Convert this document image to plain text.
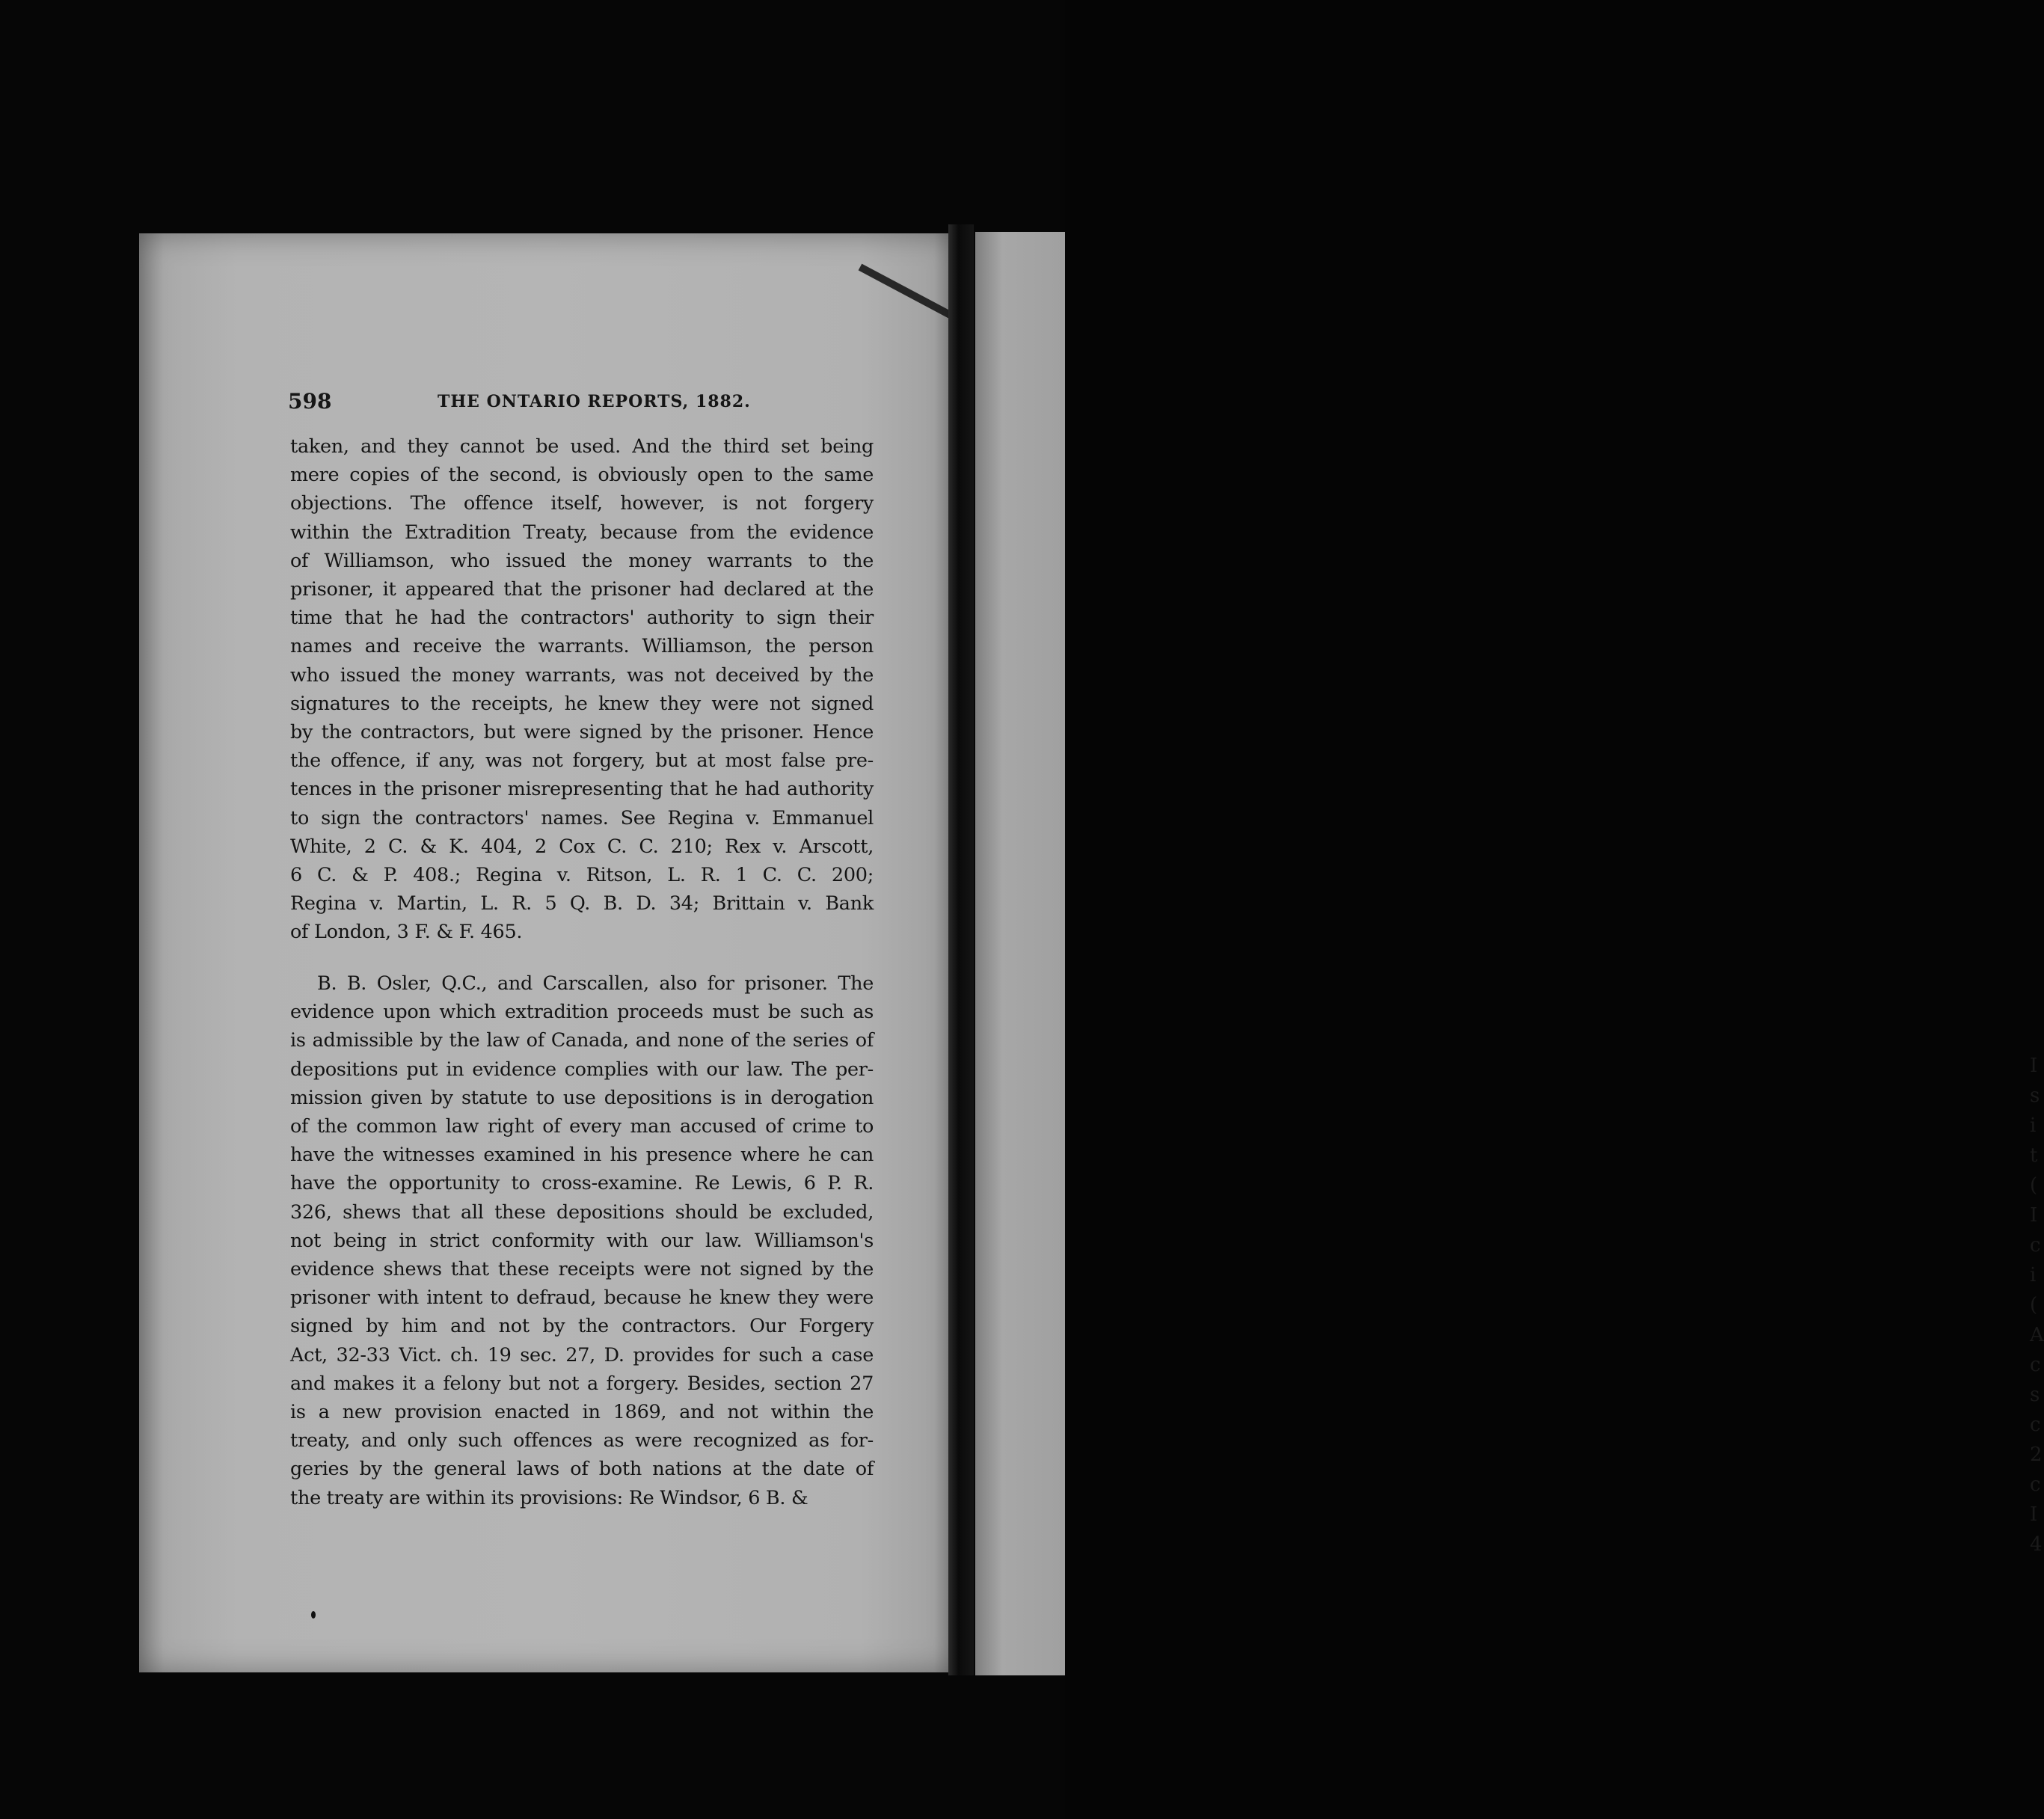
I
s
i
t
(
I
c
i
(
A
c
s
c
2
c
I
4
598	THE ONTARIO REPORTS, 1882.

taken, and they cannot be used. And the third set being
mere copies of the second, is obviously open to the same
objections. The offence itself, however, is not forgery
within the Extradition Treaty, because from the evidence
of Williamson, who issued the money warrants to the
prisoner, it appeared that the prisoner had declared at the
time that he had the contractors' authority to sign their
names and receive the warrants. Williamson, the person
who issued the money warrants, was not deceived by the
signatures to the receipts, he knew they were not signed
by the contractors, but were signed by the prisoner. Hence
the offence, if any, was not forgery, but at most false pre-
tences in the prisoner misrepresenting that he had authority
to sign the contractors' names. See Regina v. Emmanuel
White, 2 C. & K. 404, 2 Cox C. C. 210; Rex v. Arscott,
6 C. & P. 408.; Regina v. Ritson, L. R. 1 C. C. 200;
Regina v. Martin, L. R. 5 Q. B. D. 34; Brittain v. Bank
of London, 3 F. & F. 465.

B. B. Osler, Q.C., and Carscallen, also for prisoner. The
evidence upon which extradition proceeds must be such as
is admissible by the law of Canada, and none of the series of
depositions put in evidence complies with our law. The per-
mission given by statute to use depositions is in derogation
of the common law right of every man accused of crime to
have the witnesses examined in his presence where he can
have the opportunity to cross-examine. Re Lewis, 6 P. R.
326, shews that all these depositions should be excluded,
not being in strict conformity with our law. Williamson's
evidence shews that these receipts were not signed by the
prisoner with intent to defraud, because he knew they were
signed by him and not by the contractors. Our Forgery
Act, 32-33 Vict. ch. 19 sec. 27, D. provides for such a case
and makes it a felony but not a forgery. Besides, section 27
is a new provision enacted in 1869, and not within the
treaty, and only such offences as were recognized as for-
geries by the general laws of both nations at the date of
the treaty are within its provisions: Re Windsor, 6 B. &
